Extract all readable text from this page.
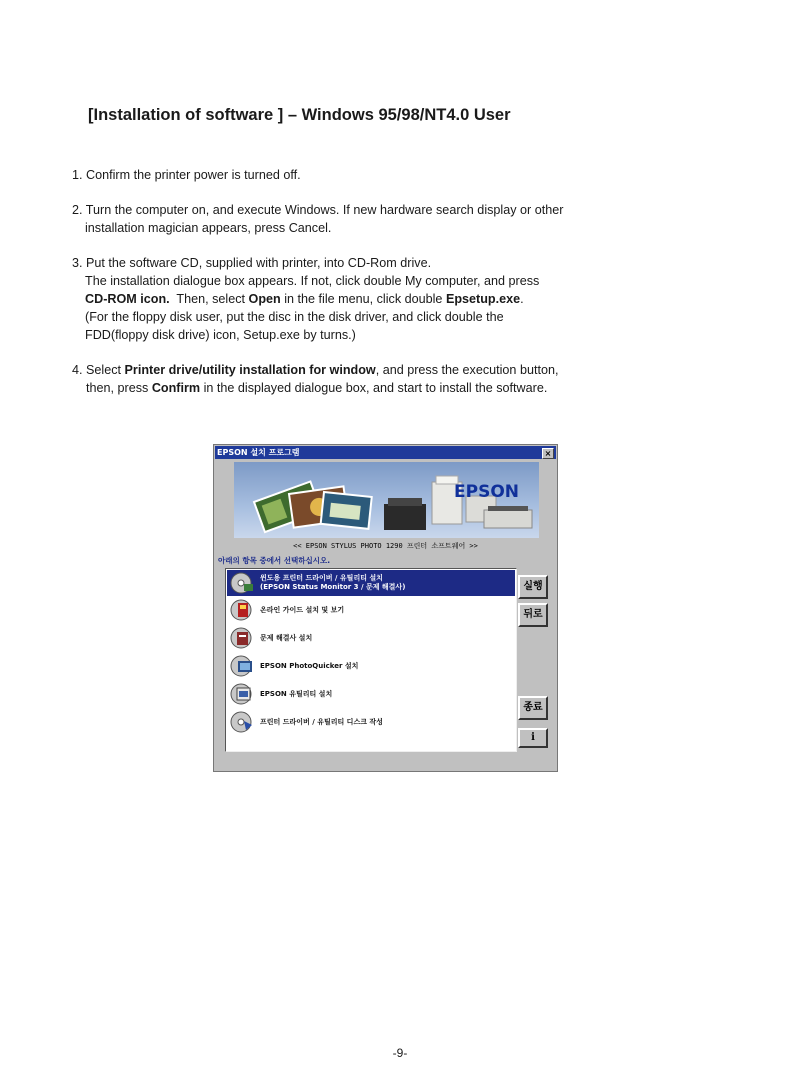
[Installation of software ] – Windows 95/98/NT4.0 User
1. Confirm the printer power is turned off.
2. Turn the computer on, and execute Windows. If new hardware search display or other
installation magician appears, press Cancel.
3. Put the software CD, supplied with printer, into CD-Rom drive.
The installation dialogue box appears. If not, click double My computer, and press
CD-ROM icon.  Then, select Open in the file menu, click double Epsetup.exe.
(For the floppy disk user, put the disc in the disk driver, and click double the
FDD(floppy disk drive) icon, Setup.exe by turns.)
4. Select Printer drive/utility installation for window, and press the execution button,
then, press Confirm in the displayed dialogue box, and start to install the software.
EPSON 설치 프로그램	×
EPSON
<< EPSON STYLUS PHOTO 1290 프린터 소프트웨어 >>
아래의 항목 중에서 선택하십시오.
윈도용 프린터 드라이버 / 유틸리티 설치
(EPSON Status Monitor 3 / 문제 해결사)
온라인 가이드 설치 및 보기
문제 해결사 설치
EPSON PhotoQuicker 설치
EPSON 유틸리티 설치
프린터 드라이버 / 유틸리티 디스크 작성
실행
뒤로
종료
i
-9-
